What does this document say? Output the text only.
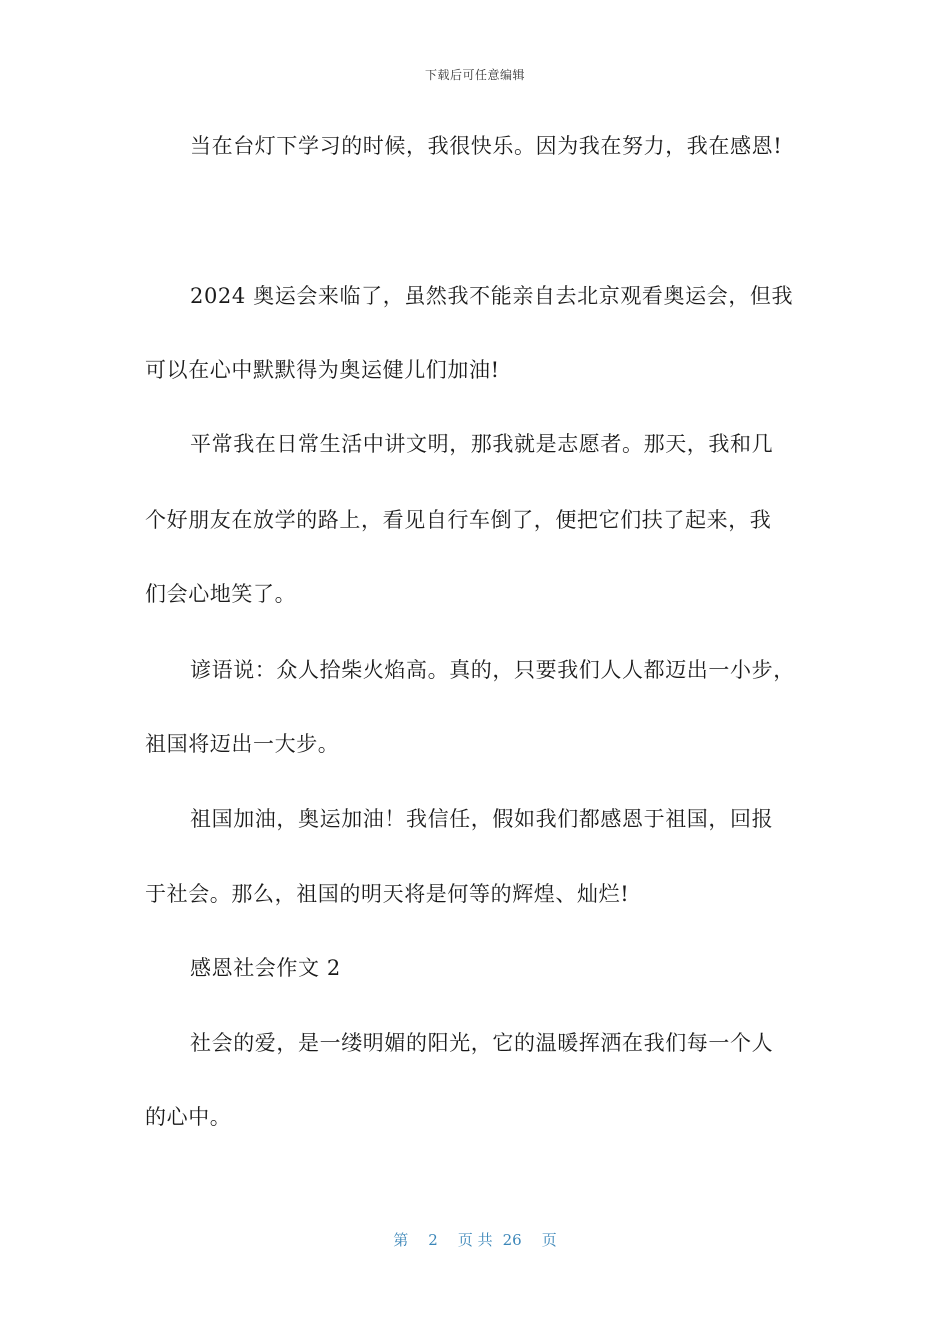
下载后可任意编辑
当在台灯下学习的时候，我很快乐。因为我在努力，我在感恩!
2024 奥运会来临了，虽然我不能亲自去北京观看奥运会，但我
可以在心中默默得为奥运健儿们加油!
平常我在日常生活中讲文明，那我就是志愿者。那天，我和几
个好朋友在放学的路上，看见自行车倒了，便把它们扶了起来，我
们会心地笑了。
谚语说：众人拾柴火焰高。真的，只要我们人人都迈出一小步，
祖国将迈出一大步。
祖国加油，奥运加油！我信任，假如我们都感恩于祖国，回报
于社会。那么，祖国的明天将是何等的辉煌、灿烂!
感恩社会作文 2
社会的爱，是一缕明媚的阳光，它的温暖挥洒在我们每一个人
的心中。
第 2 页 共 26 页
